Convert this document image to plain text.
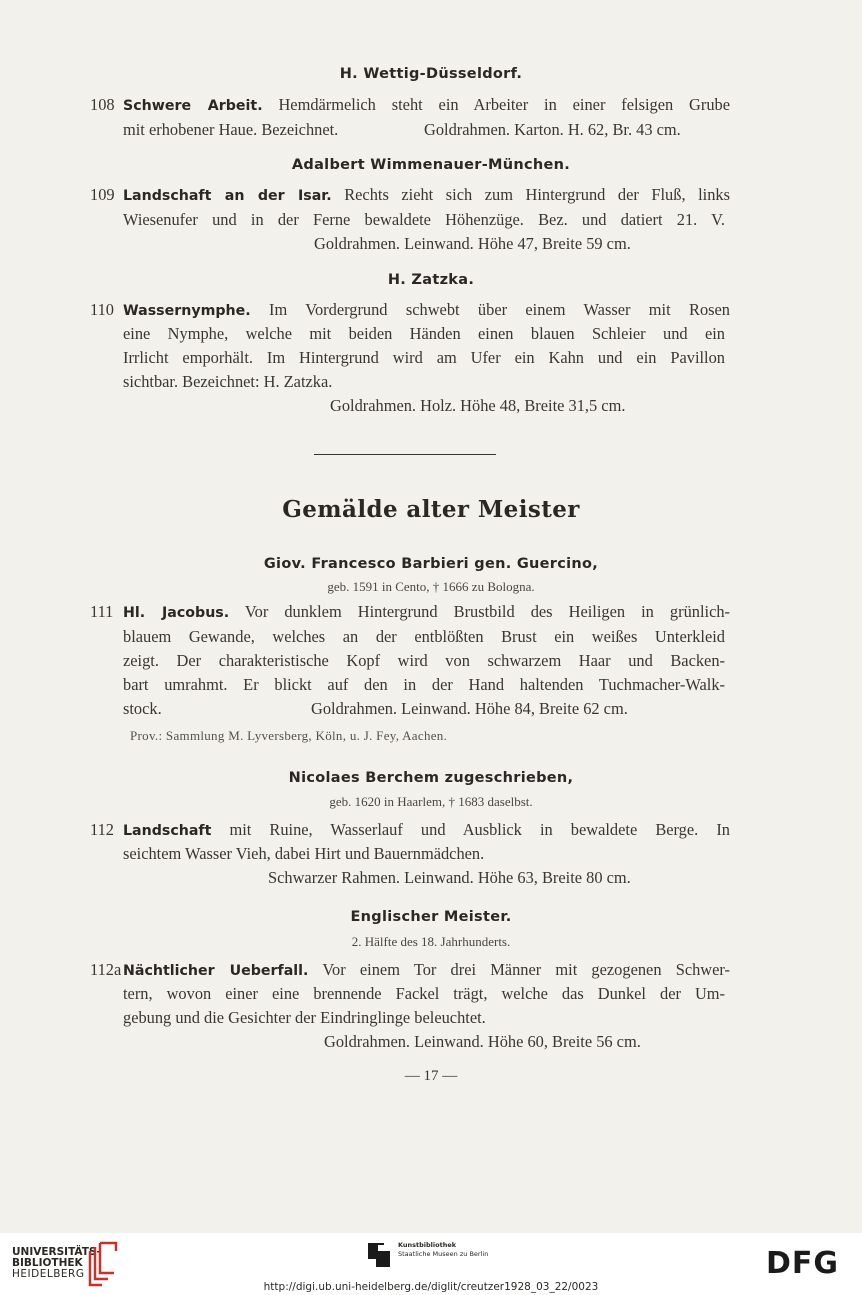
H. Wettig-Düsseldorf.
108 Schwere Arbeit. Hemdärmelich steht ein Arbeiter in einer felsigen Grube
mit erhobener Haue. Bezeichnet.	Goldrahmen. Karton. H. 62, Br. 43 cm.
Adalbert Wimmenauer-München.
109 Landschaft an der Isar. Rechts zieht sich zum Hintergrund der Fluß, links
Wiesenufer und in der Ferne bewaldete Höhenzüge. Bez. und datiert 21. V.
Goldrahmen. Leinwand. Höhe 47, Breite 59 cm.
H. Zatzka.
110 Wassernymphe. Im Vordergrund schwebt über einem Wasser mit Rosen
eine Nymphe, welche mit beiden Händen einen blauen Schleier und ein
Irrlicht emporhält. Im Hintergrund wird am Ufer ein Kahn und ein Pavillon
sichtbar. Bezeichnet: H. Zatzka.
Goldrahmen. Holz. Höhe 48, Breite 31,5 cm.
Gemälde alter Meister
Giov. Francesco Barbieri gen. Guercino,
geb. 1591 in Cento, † 1666 zu Bologna.
111 Hl. Jacobus. Vor dunklem Hintergrund Brustbild des Heiligen in grünlich-
blauem Gewande, welches an der entblößten Brust ein weißes Unterkleid
zeigt. Der charakteristische Kopf wird von schwarzem Haar und Backen-
bart umrahmt. Er blickt auf den in der Hand haltenden Tuchmacher-Walk-
stock.	Goldrahmen. Leinwand. Höhe 84, Breite 62 cm.
Prov.: Sammlung M. Lyversberg, Köln, u. J. Fey, Aachen.
Nicolaes Berchem zugeschrieben,
geb. 1620 in Haarlem, † 1683 daselbst.
112 Landschaft mit Ruine, Wasserlauf und Ausblick in bewaldete Berge. In
seichtem Wasser Vieh, dabei Hirt und Bauernmädchen.
Schwarzer Rahmen. Leinwand. Höhe 63, Breite 80 cm.
Englischer Meister.
2. Hälfte des 18. Jahrhunderts.
112a Nächtlicher Ueberfall. Vor einem Tor drei Männer mit gezogenen Schwer-
tern, wovon einer eine brennende Fackel trägt, welche das Dunkel der Um-
gebung und die Gesichter der Eindringlinge beleuchtet.
Goldrahmen. Leinwand. Höhe 60, Breite 56 cm.
— 17 —
UNIVERSITÄTS-
BIBLIOTHEK
HEIDELBERG
Kunstbibliothek
Staatliche Museen zu Berlin	DFG
http://digi.ub.uni-heidelberg.de/diglit/creutzer1928_03_22/0023
